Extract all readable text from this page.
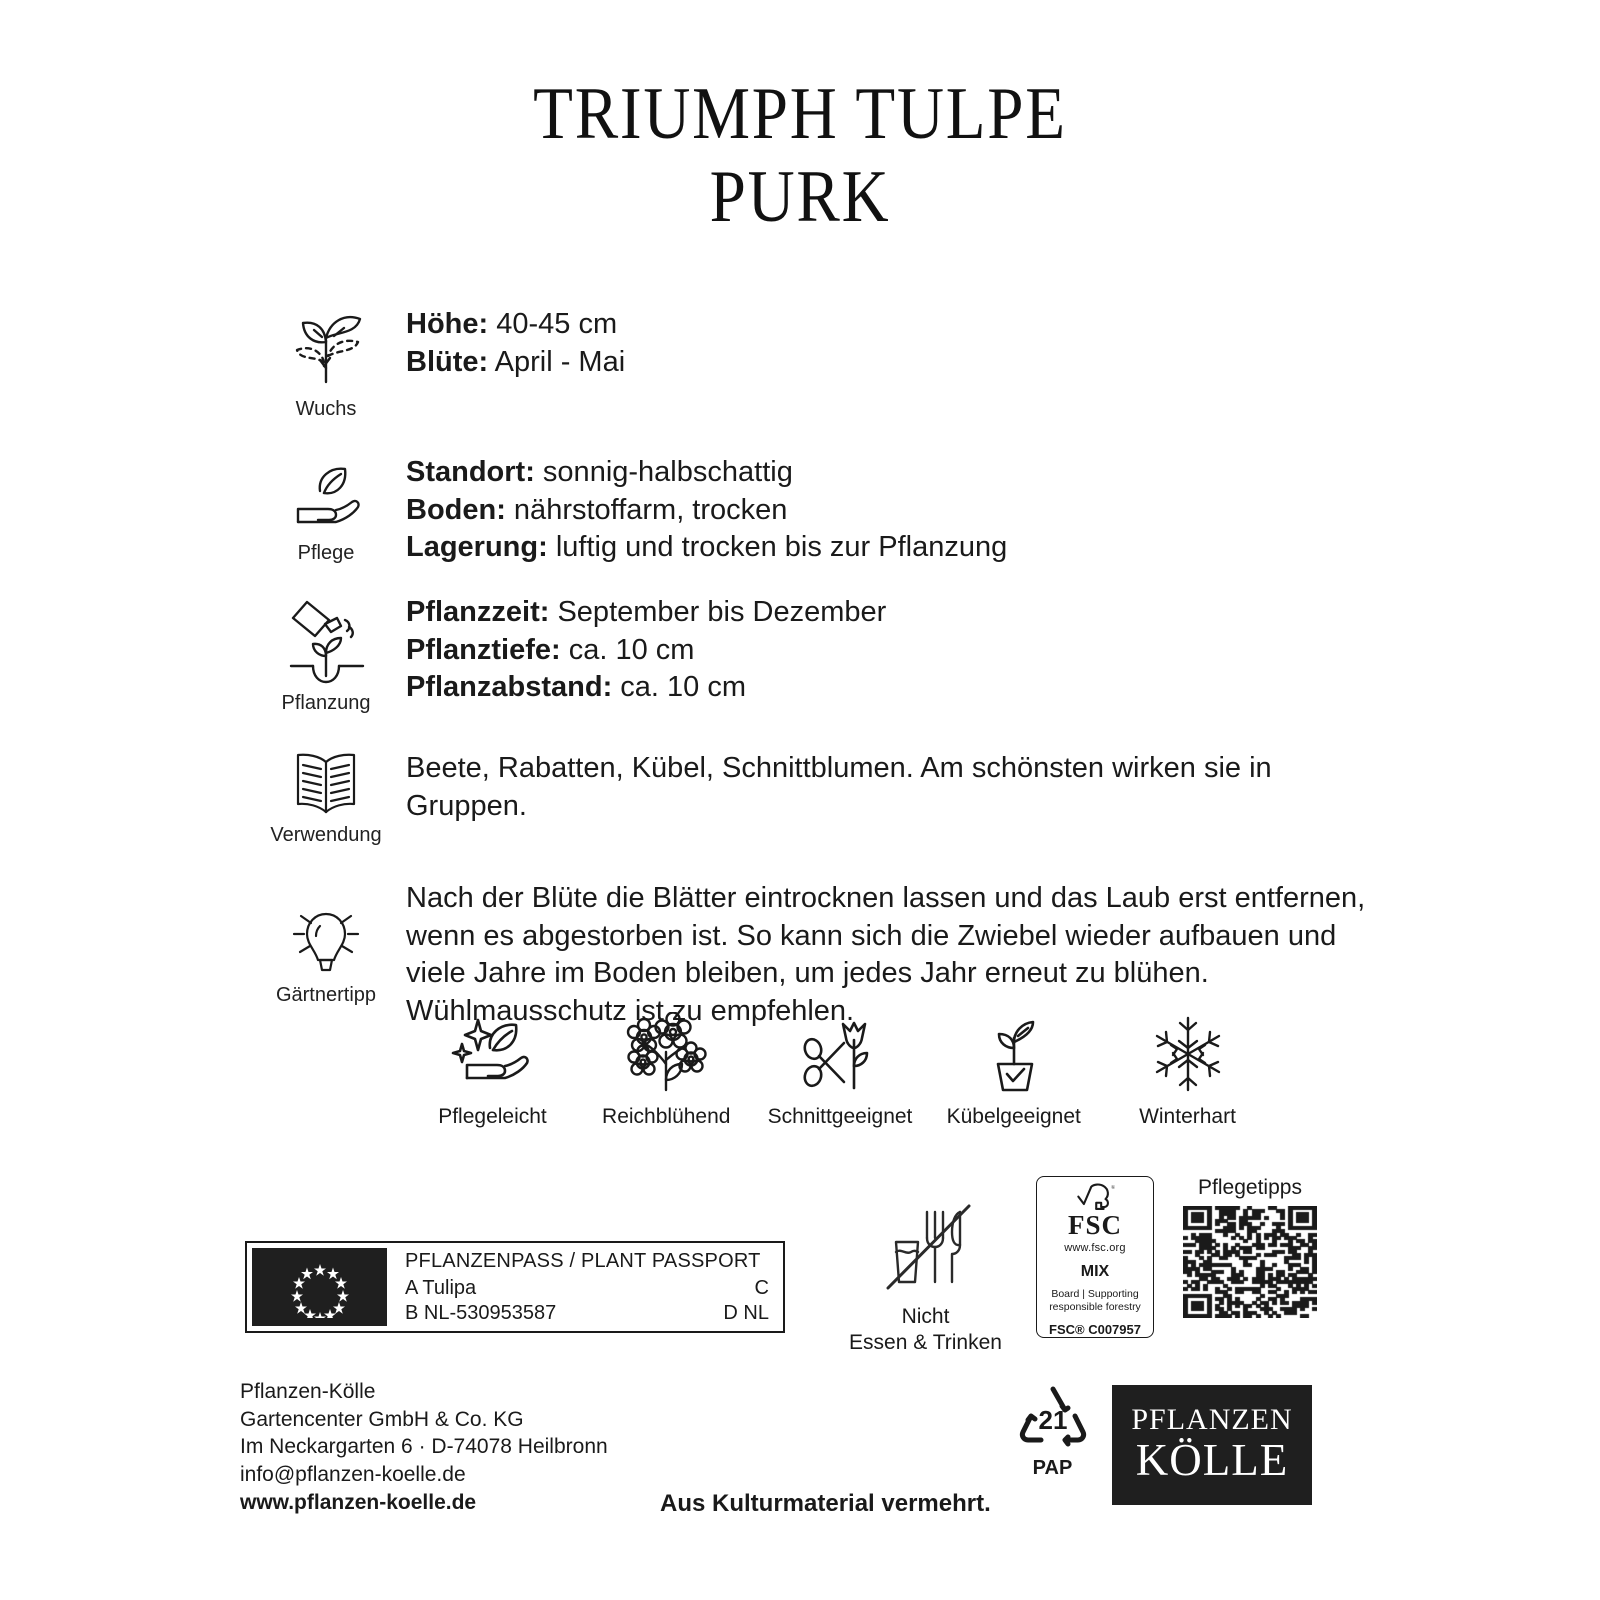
TRIUMPH TULPE
PURK
Wuchs
Höhe: 40-45 cm
Blüte: April - Mai
Pflege
Standort: sonnig-halbschattig
Boden: nährstoffarm, trocken
Lagerung: luftig und trocken bis zur Pflanzung
Pflanzung
Pflanzzeit: September bis Dezember
Pflanztiefe: ca. 10 cm
Pflanzabstand: ca. 10 cm
Verwendung
Beete, Rabatten, Kübel, Schnittblumen. Am schönsten wirken sie in Gruppen.
Gärtnertipp
Nach der Blüte die Blätter eintrocknen lassen und das Laub erst entfernen, wenn es abgestorben ist. So kann sich die Zwiebel wieder aufbauen und viele Jahre im Boden bleiben, um jedes Jahr erneut zu blühen. Wühlmausschutz ist zu empfehlen.
Pflegeleicht	Reichblühend	Schnittgeeignet	Kübelgeeignet	Winterhart
PFLANZENPASS / PLANT PASSPORT
A Tulipa	C
B NL-530953587	D NL	Nicht
Essen & Trinken
®
FSC
www.fsc.org
MIX
Board | Supporting
responsible forestry
FSC® C007957
Pflegetipps
Pflanzen-Kölle
Gartencenter GmbH & Co. KG
Im Neckargarten 6 · D-74078 Heilbronn
info@pflanzen-koelle.de
www.pflanzen-koelle.de	Aus Kulturmaterial vermehrt.
21
PAP
PFLANZEN
KÖLLE
